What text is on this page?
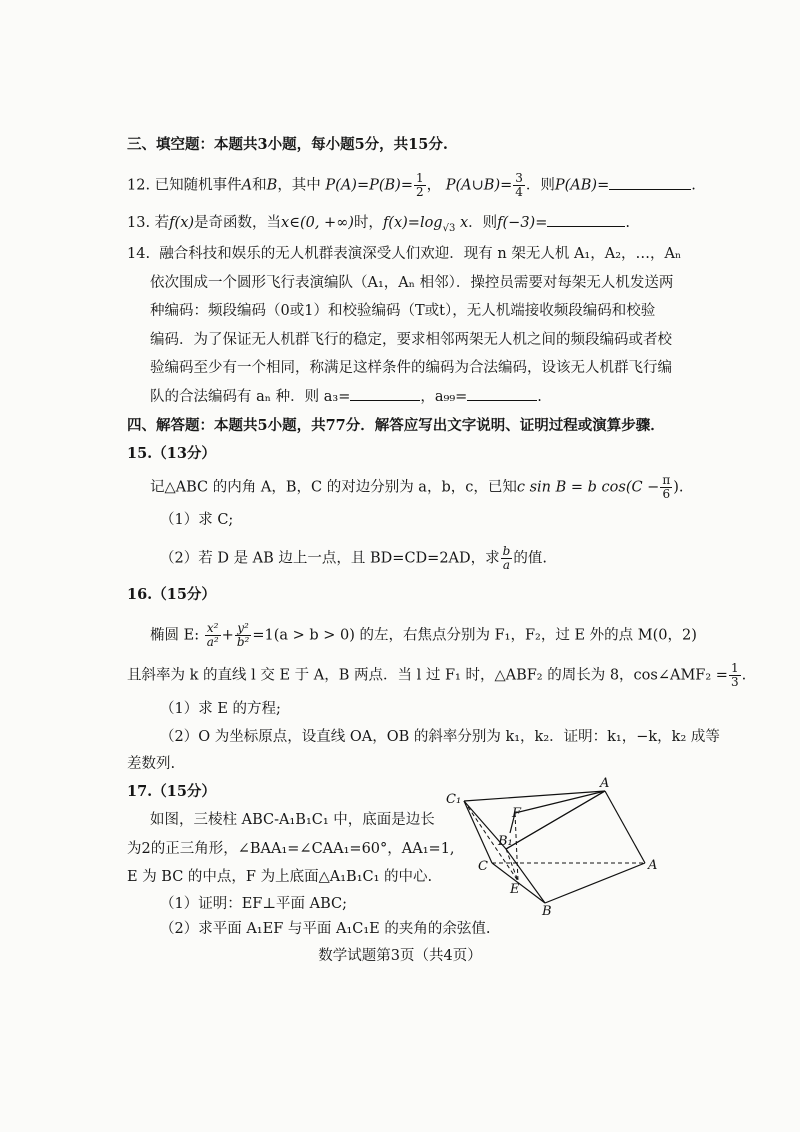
三、填空题：本题共3小题，每小题5分，共15分.
12. 已知随机事件A和B，其中 $P(A)=P(B)= \frac{1}{2}$ ， P(A∪B)= $\frac{3}{4}$ ．则P(AB)=	.
13. 若f(x)是奇函数，当x∈(0, +∞)时，$f(x)=\log_{√3}$ x．则f(−3)=	.
14. 融合科技和娱乐的无人机群表演深受人们欢迎．现有 n 架无人机 A₁，A₂，…，Aₙ
依次围成一个圆形飞行表演编队（A₁，Aₙ 相邻）．操控员需要对每架无人机发送两
种编码：频段编码（0或1）和校验编码（T或t），无人机端接收频段编码和校验
编码．为了保证无人机群飞行的稳定，要求相邻两架无人机之间的频段编码或者校
验编码至少有一个相同，称满足这样条件的编码为合法编码，设该无人机群飞行编
队的合法编码有 aₙ 种．则 a₃=	，a₉₉=	.
四、解答题：本题共5小题，共77分．解答应写出文字说明、证明过程或演算步骤．
15.（13分）
记△ABC 的内角 A，B，C 的对边分别为 a，b，c，已知c sin B = b $\cos(C - \frac{\pi}{6}$ ).
（1）求 C;
（2）若 D 是 AB 边上一点，且 BD=CD=2AD，求 $\frac{b}{a}$ 的值.
16.（15分）
椭圆 E: $\frac{\text{x²}}{\text{a²}} + \frac{\text{y²}}{\text{b²}} =1(a > b > 0)$ 的左，右焦点分别为 F₁，F₂，过 E 外的点 M(0，2)
且斜率为 k 的直线 l 交 E 于 A，B 两点．当 l 过 F₁ 时，△ABF₂ 的周长为 8，cos∠AMF₂ = $\frac{1}{3}$ .
（1）求 E 的方程;
（2）O 为坐标原点，设直线 OA，OB 的斜率分别为 k₁，k₂．证明：k₁，−k，k₂ 成等
差数列.
17.（15分）
如图，三棱柱 ABC-A₁B₁C₁ 中，底面是边长
为2的正三角形，∠BAA₁=∠CAA₁=60°，AA₁=1,
E 为 BC 的中点，F 为上底面△A₁B₁C₁ 的中心.
（1）证明：EF⊥平面 ABC;
（2）求平面 A₁EF 与平面 A₁C₁E 的夹角的余弦值.
C₁
A
F
B₁
C	A
E
B
数学试题第3页（共4页）
